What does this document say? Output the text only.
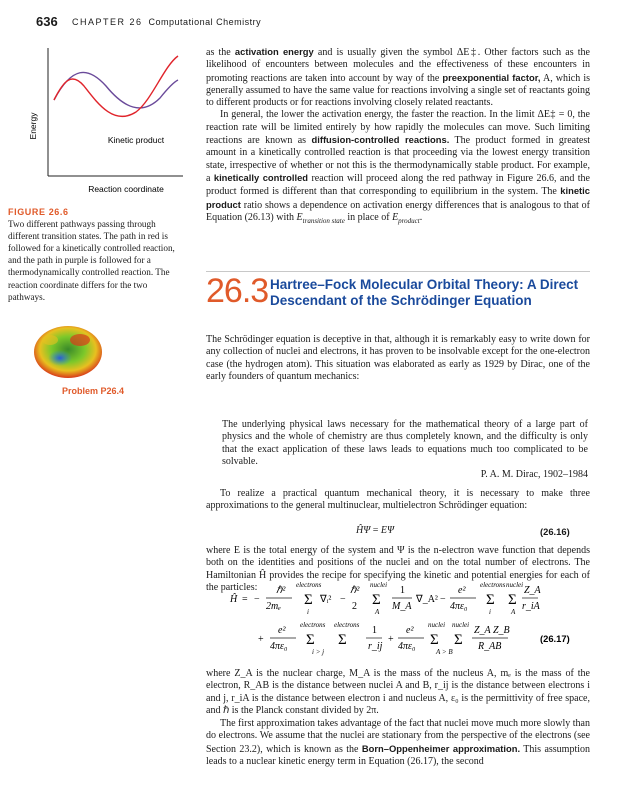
636 CHAPTER 26 Computational Chemistry
Energy
Kinetic product
Reaction coordinate
FIGURE 26.6
Two different pathways passing through different transition states. The path in red is followed for a kinetically controlled reaction, and the path in purple is followed for a thermodynamically controlled reaction. The reaction coordinate differs for the two pathways.
Problem P26.4

as the activation energy and is usually given the symbol ΔE‡. Other factors such as the likelihood of encounters between molecules and the effectiveness of these encounters in promoting reactions are taken into account by way of the preexponential factor, A, which is generally assumed to have the same value for reactions involving a single set of reactants going to different products or for reactions involving closely related reactants.

In general, the lower the activation energy, the faster the reaction. In the limit ΔE‡ = 0, the reaction rate will be limited entirely by how rapidly the molecules can move. Such limiting reactions are known as diffusion-controlled reactions. The product formed in greatest amount in a kinetically controlled reaction is that proceeding via the lowest energy transition state, irrespective of whether or not this is the thermodynamically stable product. For example, a kinetically controlled reaction will proceed along the red pathway in Figure 26.6, and the product formed is different than that corresponding to equilibrium in the system. The kinetic product ratio shows a dependence on activation energy differences that is analogous to that of Equation (26.13) with $E_{transition state}$ in place of $E_{product}$.

26.3 Hartree–Fock Molecular Orbital Theory: A Direct Descendant of the Schrödinger Equation
The Schrödinger equation is deceptive in that, although it is remarkably easy to write down for any collection of nuclei and electrons, it has proven to be insolvable except for the one-electron case (the hydrogen atom). This situation was elaborated as early as 1929 by Dirac, one of the early founders of quantum mechanics:
The underlying physical laws necessary for the mathematical theory of a large part of physics and the whole of chemistry are thus completely known, and the difficulty is only that the exact application of these laws leads to equations much too complicated to be solvable.
P. A. M. Dirac, 1902–1984
To realize a practical quantum mechanical theory, it is necessary to make three approximations to the general multinuclear, multielectron Schrödinger equation:
ĤΨ = EΨ	(26.16)
where E is the total energy of the system and Ψ is the n-electron wave function that depends both on the identities and positions of the nuclei and on the total number of electrons. The Hamiltonian Ĥ provides the recipe for specifying the kinetic and potential energies for each of the particles:
Ĥ = −
ℏ²
2mₑ
electrons
Σ
i
∇ᵢ² −
ℏ²
2
nuclei
Σ
A
1
M_A
∇_A² −
e²
4πε₀
electrons
Σ
i
nuclei
Σ
A
Z_A
r_iA
+
e²
4πε₀
electrons electrons
Σ Σ
i > j
1
r_ij
+
e²
4πε₀
nuclei nuclei
Σ Σ
A > B
Z_A Z_B
R_AB
(26.17)
where Z_A is the nuclear charge, M_A is the mass of the nucleus A, mₑ is the mass of the electron, R_AB is the distance between nuclei A and B, r_ij is the distance between electrons i and j, r_iA is the distance between electron i and nucleus A, ε₀ is the permittivity of free space, and ℏ is the Planck constant divided by 2π.
The first approximation takes advantage of the fact that nuclei move much more slowly than do electrons. We assume that the nuclei are stationary from the perspective of the electrons (see Section 23.2), which is known as the Born–Oppenheimer approximation. This assumption leads to a nuclear kinetic energy term in Equation (26.17), the second
